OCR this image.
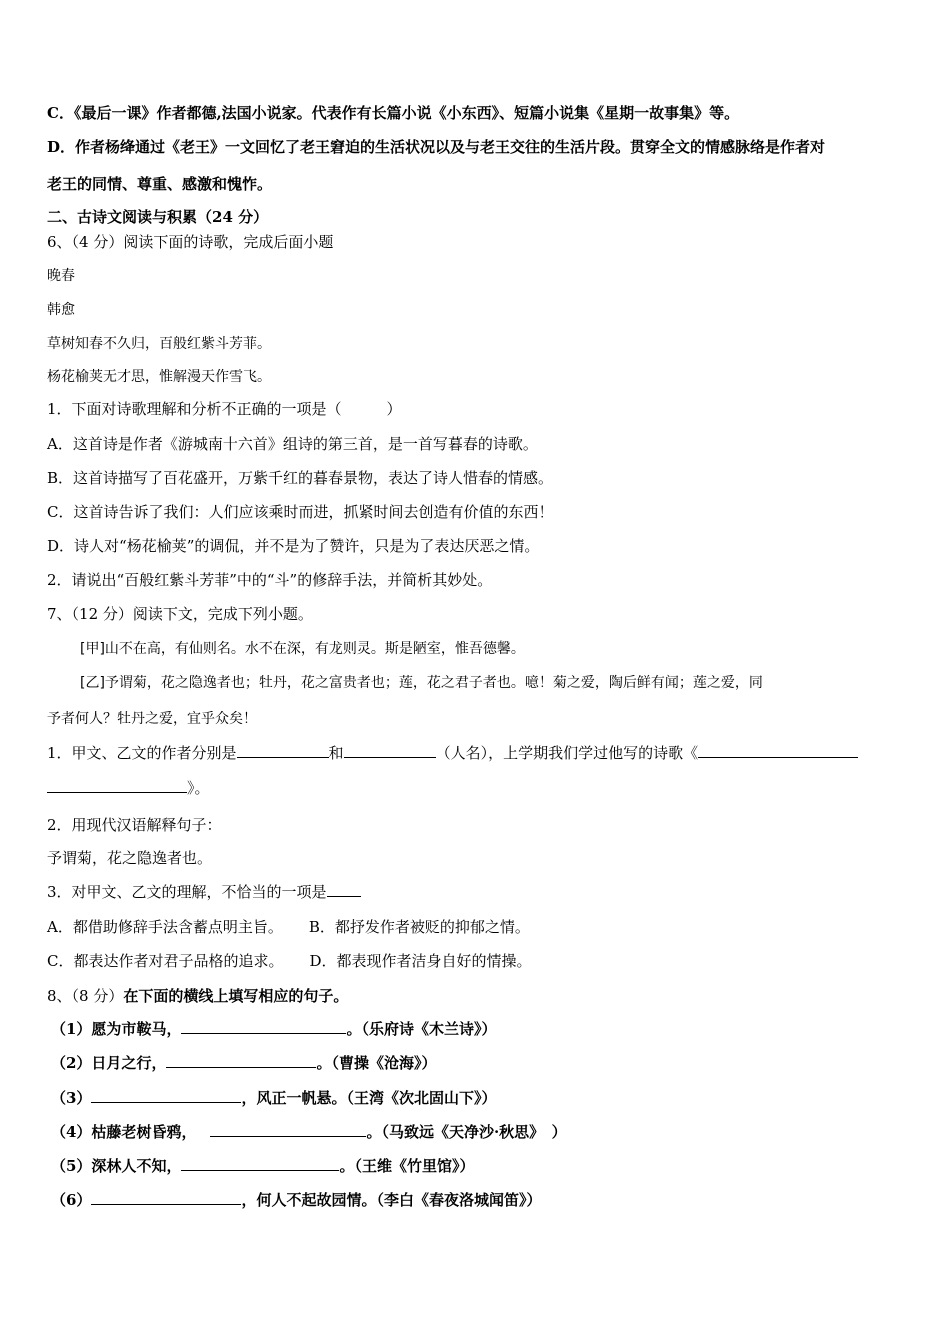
C．《最后一课》作者都德,法国小说家。代表作有长篇小说《小东西》、短篇小说集《星期一故事集》等。
D．作者杨绛通过《老王》一文回忆了老王窘迫的生活状况以及与老王交往的生活片段。贯穿全文的情感脉络是作者对
老王的同情、尊重、感激和愧怍。
二、古诗文阅读与积累（24 分）
6、（4 分）阅读下面的诗歌，完成后面小题
晚春
韩愈
草树知春不久归，百般红紫斗芳菲。
杨花榆荚无才思，惟解漫天作雪飞。
1．下面对诗歌理解和分析不正确的一项是（　　　）
A．这首诗是作者《游城南十六首》组诗的第三首，是一首写暮春的诗歌。
B．这首诗描写了百花盛开，万紫千红的暮春景物，表达了诗人惜春的情感。
C．这首诗告诉了我们：人们应该乘时而进，抓紧时间去创造有价值的东西！
D．诗人对“杨花榆荚”的调侃，并不是为了赞许，只是为了表达厌恶之情。
2．请说出“百般红紫斗芳菲”中的“斗”的修辞手法，并简析其妙处。
7、（12 分）阅读下文，完成下列小题。
[甲]山不在高，有仙则名。水不在深，有龙则灵。斯是陋室，惟吾德馨。
[乙]予谓菊，花之隐逸者也；牡丹，花之富贵者也；莲，花之君子者也。噫！菊之爱，陶后鲜有闻；莲之爱，同
予者何人？牡丹之爱，宜乎众矣！
1．甲文、乙文的作者分别是	和	（人名），上学期我们学过他写的诗歌《
》。
2．用现代汉语解释句子：
予谓菊，花之隐逸者也。
3．对甲文、乙文的理解，不恰当的一项是
A．都借助修辞手法含蓄点明主旨。 B．都抒发作者被贬的抑郁之情。
C．都表达作者对君子品格的追求。 D．都表现作者洁身自好的情操。
8、（8 分）在下面的横线上填写相应的句子。
（1）愿为市鞍马，	。（乐府诗《木兰诗》）
（2）日月之行，	。（曹操《沧海》）
（3）	，风正一帆悬。（王湾《次北固山下》）
（4）枯藤老树昏鸦，	。（马致远《天净沙·秋思》　）
（5）深林人不知，	。（王维《竹里馆》）
（6）	，何人不起故园情。（李白《春夜洛城闻笛》）
